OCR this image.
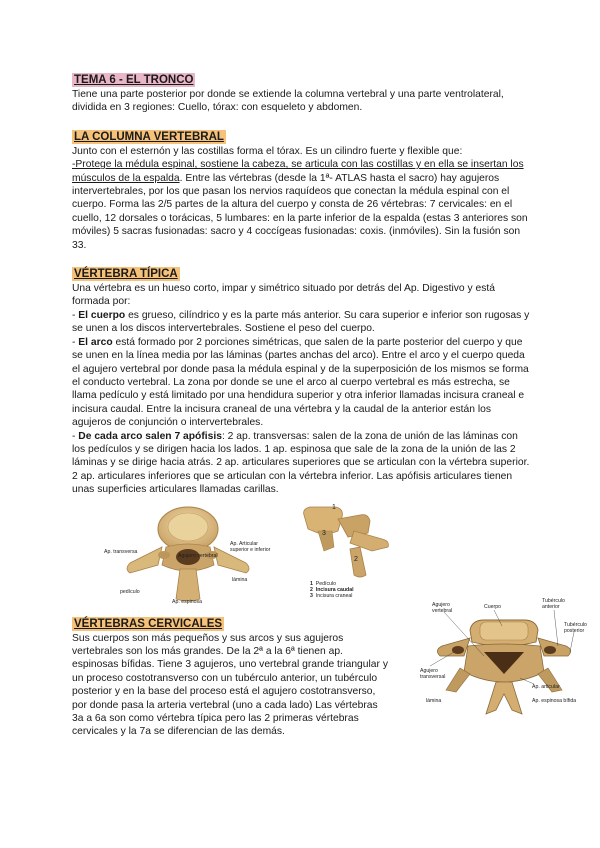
TEMA 6 - EL TRONCO

Tiene una parte posterior por donde se extiende la columna vertebral y una parte ventrolateral, dividida en 3 regiones: Cuello, tórax: con esqueleto y abdomen.

LA COLUMNA VERTEBRAL

Junto con el esternón y las costillas forma el tórax. Es un cilindro fuerte y flexible que:
-Protege la médula espinal, sostiene la cabeza, se articula con las costillas y en ella se insertan los músculos de la espalda. Entre las vértebras (desde la 1ª- ATLAS hasta el sacro) hay agujeros intervertebrales, por los que pasan los nervios raquídeos que conectan la médula espinal con el cuerpo. Forma las 2/5 partes de la altura del cuerpo y consta de 26 vértebras: 7 cervicales: en el cuello, 12 dorsales o torácicas, 5 lumbares: en la parte inferior de la espalda (estas 3 anteriores son móviles) 5 sacras fusionadas: sacro y 4 coccígeas fusionadas: coxis. (inmóviles). Sin la fusión son 33.

VÉRTEBRA TÍPICA

Una vértebra es un hueso corto, impar y simétrico situado por detrás del Ap. Digestivo y está formada por:

- El cuerpo es grueso, cilíndrico y es la parte más anterior. Su cara superior e inferior son rugosas y se unen a los discos intervertebrales. Sostiene el peso del cuerpo.

- El arco está formado por 2 porciones simétricas, que salen de la parte posterior del cuerpo y que se unen en la línea media por las láminas (partes anchas del arco). Entre el arco y el cuerpo queda el agujero vertebral por donde pasa la médula espinal y de la superposición de los mismos se forma el conducto vertebral. La zona por donde se une el arco al cuerpo vertebral es más estrecha, se llama pedículo y está limitado por una hendidura superior y otra inferior llamadas incisura craneal e incisura caudal. Entre la incisura craneal de una vértebra y la caudal de la anterior están los agujeros de conjunción o intervertebrales.

- De cada arco salen 7 apófisis: 2 ap. transversas: salen de la zona de unión de las láminas con los pedículos y se dirigen hacia los lados. 1 ap. espinosa que sale de la zona de la unión de las 2 láminas y se dirige hacia atrás. 2 ap. articulares superiores que se articulan con la vértebra superior. 2 ap. articulares inferiores que se articulan con la vértebra inferior. Las apófisis articulares tienen unas superficies articulares llamadas carillas.

Ap. transversa
Agujero vertebral
Ap. Articular
superior e inferior
lámina
pedículo
Ap. espinosa
1
2
3
1 Pedículo
2 Incisura caudal
3 Incisura craneal
VÉRTEBRAS CERVICALES

Sus cuerpos son más pequeños y sus arcos y sus agujeros vertebrales son los más grandes. De la 2ª a la 6ª tienen ap. espinosas bífidas. Tiene 3 agujeros, uno vertebral grande triangular y un proceso costotransverso con un tubérculo anterior, un tubérculo posterior y en la base del proceso está el agujero costotransverso, por donde pasa la arteria vertebral (uno a cada lado) Las vértebras 3a a 6a son como vértebra típica pero las 2 primeras vértebras cervicales y la 7a se diferencian de las demás.

Agujero vertebral
Cuerpo
Tubérculo anterior
Tubérculo posterior
Agujero transversal
Ap. articular
Ap. espinosa bífida
lámina
